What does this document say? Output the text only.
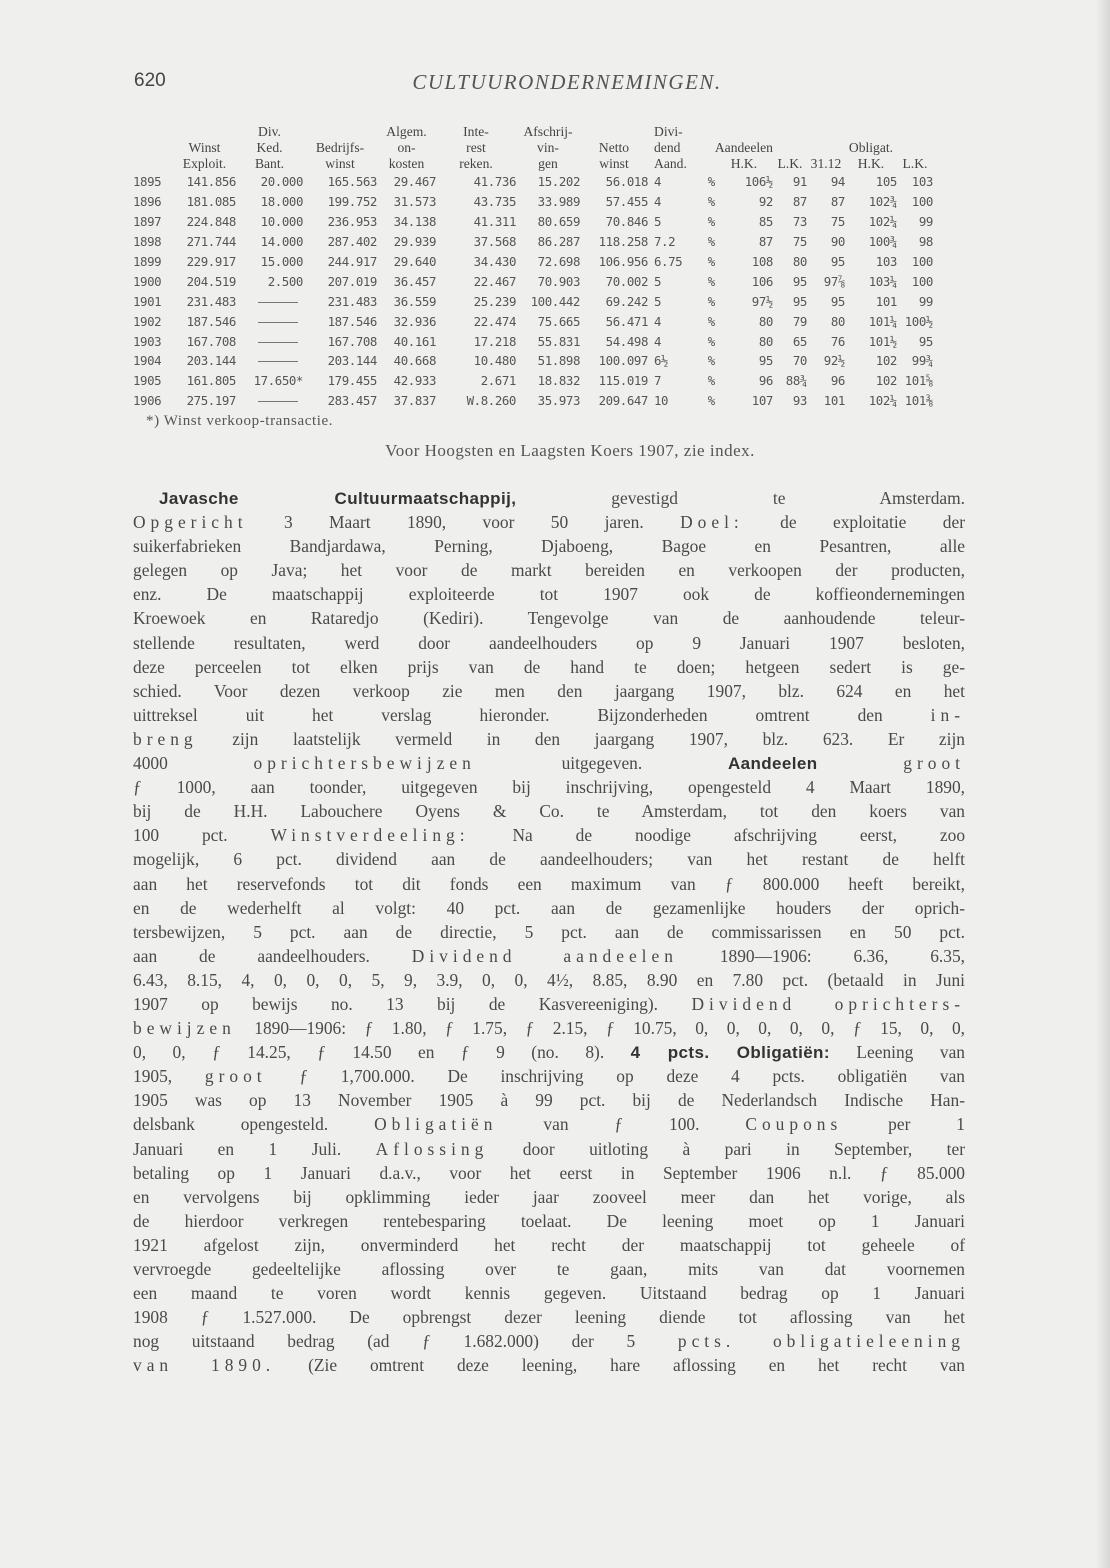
620	CULTUURONDERNEMINGEN.
		Div.		Algem.	Inte-	Afschrij-		Divi-						
	Winst	Ked.	Bedrijfs-	on-	rest	vin-	Netto	dend		Aandeelen			Obligat.	
	Exploit.	Bant.	winst	kosten	reken.	gen	winst	Aand.		H.K.	L.K.	31.12	H.K.	L.K.
1895	141.856	20.000	165.563	29.467	41.736	15.202	56.018	4	%	106½	91	94	105	103
1896	181.085	18.000	199.752	31.573	43.735	33.989	57.455	4	%	92	87	87	102¾	100
1897	224.848	10.000	236.953	34.138	41.311	80.659	70.846	5	%	85	73	75	102¼	99
1898	271.744	14.000	287.402	29.939	37.568	86.287	118.258	7.2	%	87	75	90	100¾	98
1899	229.917	15.000	244.917	29.640	34.430	72.698	106.956	6.75	%	108	80	95	103	100
1900	204.519	2.500	207.019	36.457	22.467	70.903	70.002	5	%	106	95	97⅞	103¼	100
1901	231.483		231.483	36.559	25.239	100.442	69.242	5	%	97½	95	95	101	99
1902	187.546		187.546	32.936	22.474	75.665	56.471	4	%	80	79	80	101¼	100½
1903	167.708		167.708	40.161	17.218	55.831	54.498	4	%	80	65	76	101½	95
1904	203.144		203.144	40.668	10.480	51.898	100.097	6½	%	95	70	92½	102	99¾
1905	161.805	17.650*	179.455	42.933	2.671	18.832	115.019	7	%	96	88¾	96	102	101⅝
1906	275.197		283.457	37.837	W.8.260	35.973	209.647	10	%	107	93	101	102¼	101⅜
*) Winst verkoop-transactie.
Voor Hoogsten en Laagsten Koers 1907, zie index.
Javasche Cultuurmaatschappij, gevestigd te Amsterdam.
Opgericht 3 Maart 1890, voor 50 jaren. Doel: de exploitatie der
suikerfabrieken Bandjardawa, Perning, Djaboeng, Bagoe en Pesantren, alle
gelegen op Java; het voor de markt bereiden en verkoopen der producten,
enz. De maatschappij exploiteerde tot 1907 ook de koffieondernemingen
Kroewoek en Rataredjo (Kediri). Tengevolge van de aanhoudende teleur-
stellende resultaten, werd door aandeelhouders op 9 Januari 1907 besloten,
deze perceelen tot elken prijs van de hand te doen; hetgeen sedert is ge-
schied. Voor dezen verkoop zie men den jaargang 1907, blz. 624 en het
uittreksel uit het verslag hieronder. Bijzonderheden omtrent den in-
breng zijn laatstelijk vermeld in den jaargang 1907, blz. 623. Er zijn
4000 oprichtersbewijzen uitgegeven. Aandeelen	groot
ƒ 1000, aan toonder, uitgegeven bij inschrijving, opengesteld 4 Maart 1890,
bij de H.H. Labouchere Oyens & Co. te Amsterdam, tot den koers van
100 pct. Winstverdeeling: Na de noodige afschrijving eerst, zoo
mogelijk, 6 pct. dividend aan de aandeelhouders; van het restant de helft
aan het reservefonds tot dit fonds een maximum van ƒ 800.000 heeft bereikt,
en de wederhelft al volgt: 40 pct. aan de gezamenlijke houders der oprich-
tersbewijzen, 5 pct. aan de directie, 5 pct. aan de commissarissen en 50 pct.
aan de aandeelhouders. Dividend aandeelen 1890—1906: 6.36, 6.35,
6.43, 8.15, 4, 0, 0, 0, 5, 9, 3.9, 0, 0, 4½, 8.85, 8.90 en 7.80 pct. (betaald in Juni
1907 op bewijs no. 13 bij de Kasvereeniging). Dividend oprichters-
bewijzen 1890—1906: ƒ 1.80, ƒ 1.75, ƒ 2.15, ƒ 10.75, 0, 0, 0, 0, 0, ƒ 15, 0, 0,
0, 0, ƒ 14.25, ƒ 14.50 en ƒ 9 (no. 8). 4 pcts. Obligatiën: Leening van
1905, groot ƒ 1,700.000. De inschrijving op deze 4 pcts. obligatiën van
1905 was op 13 November 1905 à 99 pct. bij de Nederlandsch Indische Han-
delsbank opengesteld. Obligatiën van ƒ 100. Coupons per 1
Januari en 1 Juli. Aflossing door uitloting à pari in September, ter
betaling op 1 Januari d.a.v., voor het eerst in September 1906 n.l. ƒ 85.000
en vervolgens bij opklimming ieder jaar zooveel meer dan het vorige, als
de hierdoor verkregen rentebesparing toelaat. De leening moet op 1 Januari
1921 afgelost zijn, onverminderd het recht der maatschappij tot geheele of
vervroegde gedeeltelijke aflossing over te gaan, mits van dat voornemen
een maand te voren wordt kennis gegeven. Uitstaand bedrag op 1 Januari
1908 ƒ 1.527.000. De opbrengst dezer leening diende tot aflossing van het
nog uitstaand bedrag (ad ƒ 1.682.000) der 5 pcts. obligatieleening
van 1890. (Zie omtrent deze leening, hare aflossing en het recht van
